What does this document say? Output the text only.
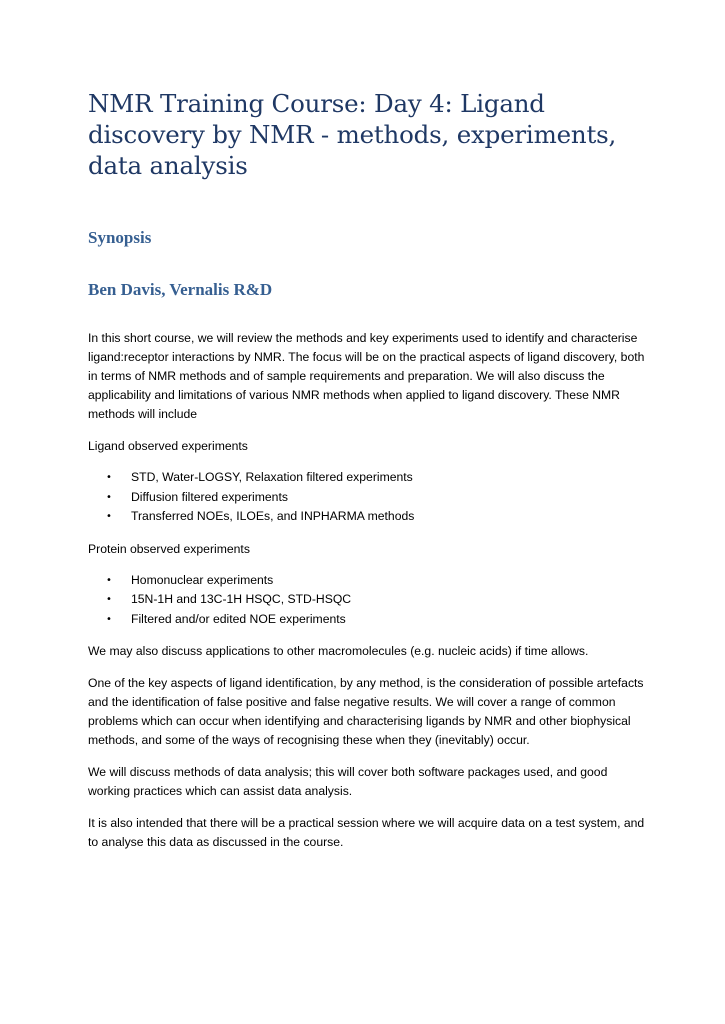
NMR Training Course: Day 4: Ligand discovery by NMR - methods, experiments, data analysis
Synopsis
Ben Davis, Vernalis R&D

In this short course, we will review the methods and key experiments used to identify and characterise ligand:receptor interactions by NMR. The focus will be on the practical aspects of ligand discovery, both in terms of NMR methods and of sample requirements and preparation. We will also discuss the applicability and limitations of various NMR methods when applied to ligand discovery. These NMR methods will include

Ligand observed experiments

• STD, Water-LOGSY, Relaxation filtered experiments
• Diffusion filtered experiments
• Transferred NOEs, ILOEs, and INPHARMA methods

Protein observed experiments

• Homonuclear experiments
• 15N-1H and 13C-1H HSQC, STD-HSQC
• Filtered and/or edited NOE experiments

We may also discuss applications to other macromolecules (e.g. nucleic acids) if time allows.

One of the key aspects of ligand identification, by any method, is the consideration of possible artefacts and the identification of false positive and false negative results. We will cover a range of common problems which can occur when identifying and characterising ligands by NMR and other biophysical methods, and some of the ways of recognising these when they (inevitably) occur.

We will discuss methods of data analysis; this will cover both software packages used, and good working practices which can assist data analysis.

It is also intended that there will be a practical session where we will acquire data on a test system, and to analyse this data as discussed in the course.
